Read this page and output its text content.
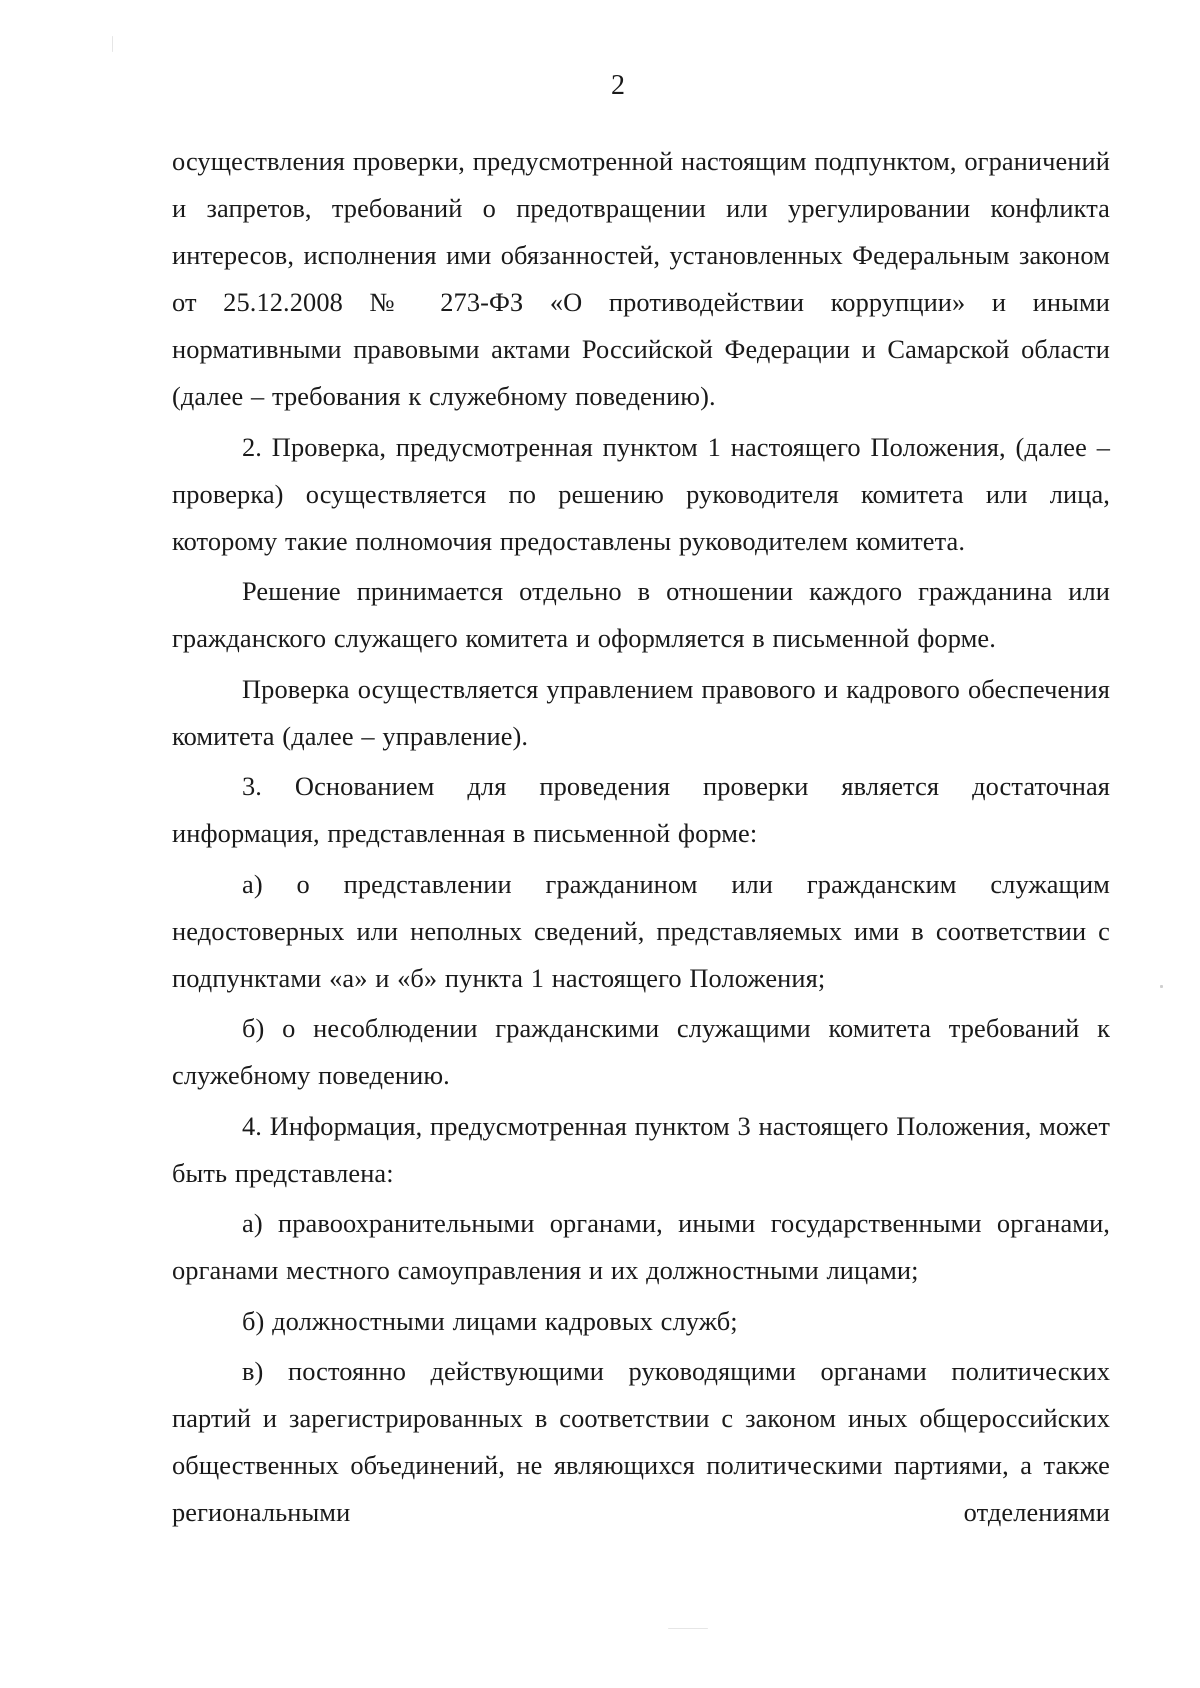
2

осуществления проверки, предусмотренной настоящим подпунктом, ограничений и запретов, требований о предотвращении или урегулировании конфликта интересов, исполнения ими обязанностей, установленных Федеральным законом от 25.12.2008 № 273-ФЗ «О противодействии коррупции» и иными нормативными правовыми актами Российской Федерации и Самарской области (далее – требования к служебному поведению).

2. Проверка, предусмотренная пунктом 1 настоящего Положения, (далее – проверка) осуществляется по решению руководителя комитета или лица, которому такие полномочия предоставлены руководителем комитета.

Решение принимается отдельно в отношении каждого гражданина или гражданского служащего комитета и оформляется в письменной форме.

Проверка осуществляется управлением правового и кадрового обеспечения комитета (далее – управление).

3. Основанием для проведения проверки является достаточная информация, представленная в письменной форме:

а) о представлении гражданином или гражданским служащим недостоверных или неполных сведений, представляемых ими в соответствии с подпунктами «а» и «б» пункта 1 настоящего Положения;

б) о несоблюдении гражданскими служащими комитета требований к служебному поведению.

4. Информация, предусмотренная пунктом 3 настоящего Положения, может быть представлена:

а) правоохранительными органами, иными государственными органами, органами местного самоуправления и их должностными лицами;

б) должностными лицами кадровых служб;

в) постоянно действующими руководящими органами политических партий и зарегистрированных в соответствии с законом иных общероссийских общественных объединений, не являющихся политическими партиями, а также региональными отделениями
